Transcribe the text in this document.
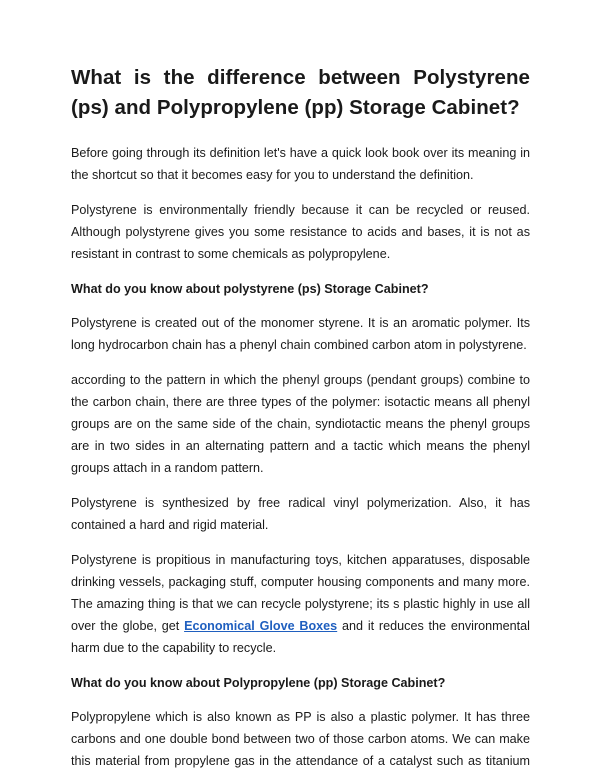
What is the difference between Polystyrene (ps) and Polypropylene (pp) Storage Cabinet?

Before going through its definition let's have a quick look book over its meaning in the shortcut so that it becomes easy for you to understand the definition.

Polystyrene is environmentally friendly because it can be recycled or reused. Although polystyrene gives you some resistance to acids and bases, it is not as resistant in contrast to some chemicals as polypropylene.

What do you know about polystyrene (ps) Storage Cabinet?

Polystyrene is created out of the monomer styrene. It is an aromatic polymer. Its long hydrocarbon chain has a phenyl chain combined carbon atom in polystyrene.

according to the pattern in which the phenyl groups (pendant groups) combine to the carbon chain, there are three types of the polymer: isotactic means all phenyl groups are on the same side of the chain, syndiotactic means the phenyl groups are in two sides in an alternating pattern and a tactic which means the phenyl groups attach in a random pattern.

Polystyrene is synthesized by free radical vinyl polymerization. Also, it has contained a hard and rigid material.

Polystyrene is propitious in manufacturing toys, kitchen apparatuses, disposable drinking vessels, packaging stuff, computer housing components and many more. The amazing thing is that we can recycle polystyrene; its s plastic highly in use all over the globe, get Economical Glove Boxes and it reduces the environmental harm due to the capability to recycle.

What do you know about Polypropylene (pp) Storage Cabinet?

Polypropylene which is also known as PP is also a plastic polymer. It has three carbons and one double bond between two of those carbon atoms. We can make this material from propylene gas in the attendance of a catalyst such as titanium
